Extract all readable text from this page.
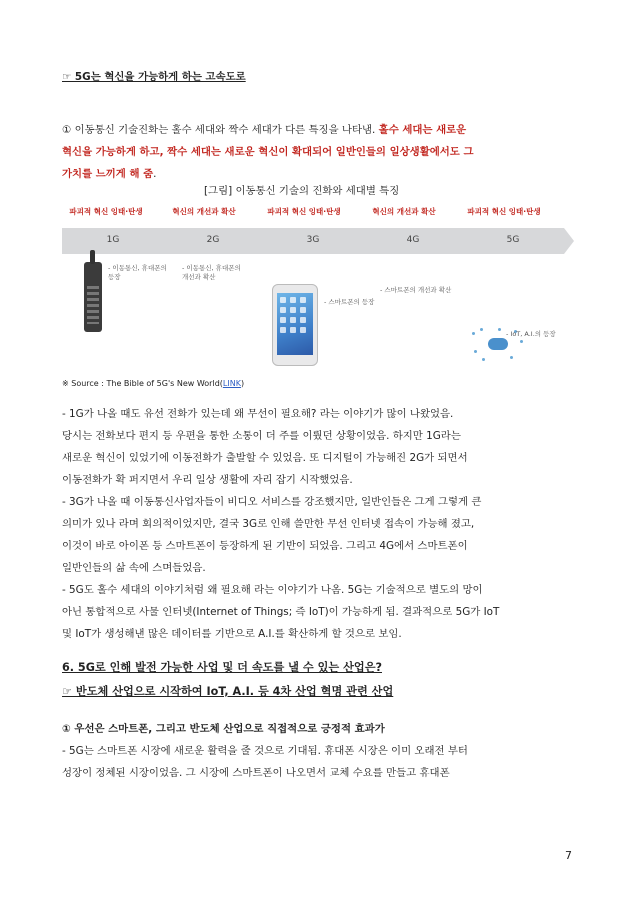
☞ 5G는 혁신을 가능하게 하는 고속도로
① 이동통신 기술진화는 홀수 세대와 짝수 세대가 다른 특징을 나타냄. 홀수 세대는 새로운
혁신을 가능하게 하고, 짝수 세대는 새로운 혁신이 확대되어 일반인들의 일상생활에서도 그
가치를 느끼게 해 줌.
[그림] 이동통신 기술의 진화와 세대별 특징
파괴적 혁신 잉태·탄생	혁신의 개선과 확산	파괴적 혁신 잉태·탄생	혁신의 개선과 확산	파괴적 혁신 잉태·탄생
1G	2G	3G	4G	5G
- 이동통신, 휴대폰의
등장
- 이동통신, 휴대폰의
개선과 확산
- 스마트폰의 등장
- 스마트폰의 개선과 확산
- IoT, A.I.의 등장
※ Source : The Bible of 5G's New World(LINK)
- 1G가 나올 때도 유선 전화가 있는데 왜 무선이 필요해? 라는 이야기가 많이 나왔었음.
당시는 전화보다 편지 등 우편을 통한 소통이 더 주를 이뤘던 상황이었음. 하지만 1G라는
새로운 혁신이 있었기에 이동전화가 출발할 수 있었음. 또 디지털이 가능해진 2G가 되면서
이동전화가 확 퍼지면서 우리 일상 생활에 자리 잡기 시작했었음.
- 3G가 나올 때 이동통신사업자들이 비디오 서비스를 강조했지만, 일반인들은 그게 그렇게 큰
의미가 있나 라며 회의적이었지만, 결국 3G로 인해 쓸만한 무선 인터넷 접속이 가능해 졌고,
이것이 바로 아이폰 등 스마트폰이 등장하게 된 기반이 되었음. 그리고 4G에서 스마트폰이
일반인들의 삶 속에 스며들었음.
- 5G도 홀수 세대의 이야기처럼 왜 필요해 라는 이야기가 나옴. 5G는 기술적으로 별도의 망이
아닌 통합적으로 사물 인터넷(Internet of Things; 즉 IoT)이 가능하게 됨. 결과적으로 5G가 IoT
및 IoT가 생성해낸 많은 데이터를 기반으로 A.I.를 확산하게 할 것으로 보임.
6. 5G로 인해 발전 가능한 사업 및 더 속도를 낼 수 있는 산업은?
☞ 반도체 산업으로 시작하여 IoT, A.I. 등 4차 산업 혁명 관련 산업
① 우선은 스마트폰, 그리고 반도체 산업으로 직접적으로 긍정적 효과가
- 5G는 스마트폰 시장에 새로운 활력을 줄 것으로 기대됨. 휴대폰 시장은 이미 오래전 부터
성장이 정체된 시장이었음. 그 시장에 스마트폰이 나오면서 교체 수요를 만들고 휴대폰
7
